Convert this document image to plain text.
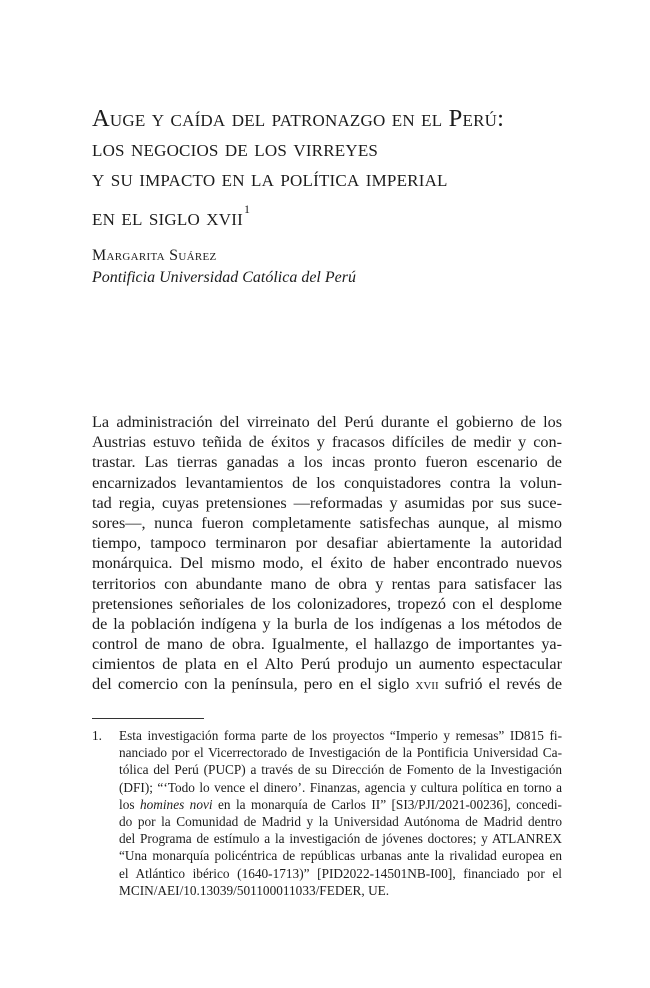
Auge y caída del patronazgo en el Perú:
los negocios de los virreyes
y su impacto en la política imperial
en el siglo xvii$^1$

Margarita Suárez

Pontificia Universidad Católica del Perú

La administración del virreinato del Perú durante el gobierno de los
Austrias estuvo teñida de éxitos y fracasos difíciles de medir y con-
trastar. Las tierras ganadas a los incas pronto fueron escenario de
encarnizados levantamientos de los conquistadores contra la volun-
tad regia, cuyas pretensiones —reformadas y asumidas por sus suce-
sores—, nunca fueron completamente satisfechas aunque, al mismo
tiempo, tampoco terminaron por desafiar abiertamente la autoridad
monárquica. Del mismo modo, el éxito de haber encontrado nuevos
territorios con abundante mano de obra y rentas para satisfacer las
pretensiones señoriales de los colonizadores, tropezó con el desplome
de la población indígena y la burla de los indígenas a los métodos de
control de mano de obra. Igualmente, el hallazgo de importantes ya-
cimientos de plata en el Alto Perú produjo un aumento espectacular
del comercio con la península, pero en el siglo xvii sufrió el revés de
1. Esta investigación forma parte de los proyectos “Imperio y remesas” ID815 fi-
nanciado por el Vicerrectorado de Investigación de la Pontificia Universidad Ca-
tólica del Perú (PUCP) a través de su Dirección de Fomento de la Investigación
(DFI); “‘Todo lo vence el dinero’. Finanzas, agencia y cultura política en torno a
los homines novi en la monarquía de Carlos II” [SI3/PJI/2021-00236], concedi-
do por la Comunidad de Madrid y la Universidad Autónoma de Madrid dentro
del Programa de estímulo a la investigación de jóvenes doctores; y ATLANREX
“Una monarquía policéntrica de repúblicas urbanas ante la rivalidad europea en
el Atlántico ibérico (1640-1713)” [PID2022-14501NB-I00], financiado por el
MCIN/AEI/10.13039/501100011033/FEDER, UE.
